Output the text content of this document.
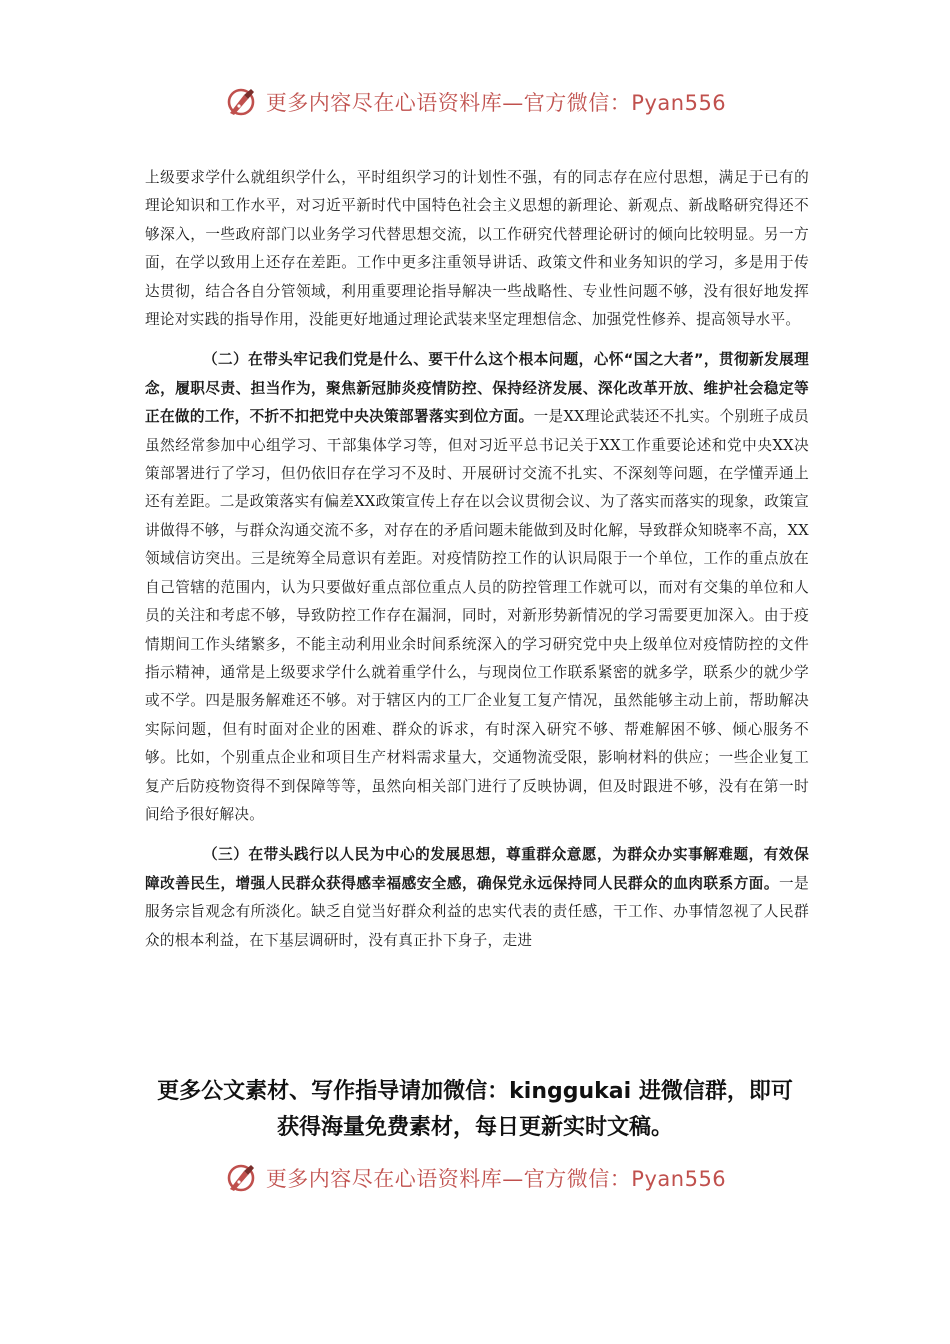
更多内容尽在心语资料库—官方微信：Pyan556

上级要求学什么就组织学什么，平时组织学习的计划性不强，有的同志存在应付思想，满足于已有的理论知识和工作水平，对习近平新时代中国特色社会主义思想的新理论、新观点、新战略研究得还不够深入，一些政府部门以业务学习代替思想交流，以工作研究代替理论研讨的倾向比较明显。另一方面，在学以致用上还存在差距。工作中更多注重领导讲话、政策文件和业务知识的学习，多是用于传达贯彻，结合各自分管领域，利用重要理论指导解决一些战略性、专业性问题不够，没有很好地发挥理论对实践的指导作用，没能更好地通过理论武装来坚定理想信念、加强党性修养、提高领导水平。

（二）在带头牢记我们党是什么、要干什么这个根本问题，心怀“国之大者”，贯彻新发展理念，履职尽责、担当作为，聚焦新冠肺炎疫情防控、保持经济发展、深化改革开放、维护社会稳定等正在做的工作，不折不扣把党中央决策部署落实到位方面。一是XX理论武装还不扎实。个别班子成员虽然经常参加中心组学习、干部集体学习等，但对习近平总书记关于XX工作重要论述和党中央XX决策部署进行了学习，但仍依旧存在学习不及时、开展研讨交流不扎实、不深刻等问题，在学懂弄通上还有差距。二是政策落实有偏差XX政策宣传上存在以会议贯彻会议、为了落实而落实的现象，政策宣讲做得不够，与群众沟通交流不多，对存在的矛盾问题未能做到及时化解，导致群众知晓率不高，XX领域信访突出。三是统筹全局意识有差距。对疫情防控工作的认识局限于一个单位，工作的重点放在自己管辖的范围内，认为只要做好重点部位重点人员的防控管理工作就可以，而对有交集的单位和人员的关注和考虑不够，导致防控工作存在漏洞，同时，对新形势新情况的学习需要更加深入。由于疫情期间工作头绪繁多，不能主动利用业余时间系统深入的学习研究党中央上级单位对疫情防控的文件指示精神，通常是上级要求学什么就着重学什么，与现岗位工作联系紧密的就多学，联系少的就少学或不学。四是服务解难还不够。对于辖区内的工厂企业复工复产情况，虽然能够主动上前，帮助解决实际问题，但有时面对企业的困难、群众的诉求，有时深入研究不够、帮难解困不够、倾心服务不够。比如，个别重点企业和项目生产材料需求量大，交通物流受限，影响材料的供应；一些企业复工复产后防疫物资得不到保障等等，虽然向相关部门进行了反映协调，但及时跟进不够，没有在第一时间给予很好解决。

（三）在带头践行以人民为中心的发展思想，尊重群众意愿，为群众办实事解难题，有效保障改善民生，增强人民群众获得感幸福感安全感，确保党永远保持同人民群众的血肉联系方面。一是服务宗旨观念有所淡化。缺乏自觉当好群众利益的忠实代表的责任感，干工作、办事情忽视了人民群众的根本利益，在下基层调研时，没有真正扑下身子，走进

更多公文素材、写作指导请加微信：kinggukai 进微信群，即可
获得海量免费素材，每日更新实时文稿。
更多内容尽在心语资料库—官方微信：Pyan556
